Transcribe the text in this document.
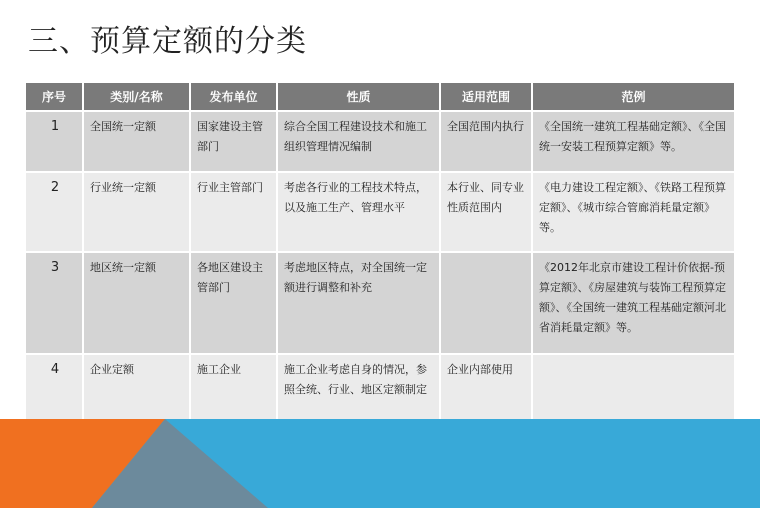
三、预算定额的分类
序号	类别/名称	发布单位	性质	适用范围	范例
1	全国统一定额	国家建设主管部门	综合全国工程建设技术和施工组织管理情况编制	全国范围内执行	《全国统一建筑工程基础定额》、《全国统一安装工程预算定额》等。
2	行业统一定额	行业主管部门	考虑各行业的工程技术特点，以及施工生产、管理水平	本行业、同专业性质范围内	《电力建设工程定额》、《铁路工程预算定额》、《城市综合管廊消耗量定额》等。
3	地区统一定额	各地区建设主管部门	考虑地区特点，对全国统一定额进行调整和补充		《2012年北京市建设工程计价依据-预算定额》、《房屋建筑与装饰工程预算定额》、《全国统一建筑工程基础定额河北省消耗量定额》等。
4	企业定额	施工企业	施工企业考虑自身的情况，参照全统、行业、地区定额制定	企业内部使用	
